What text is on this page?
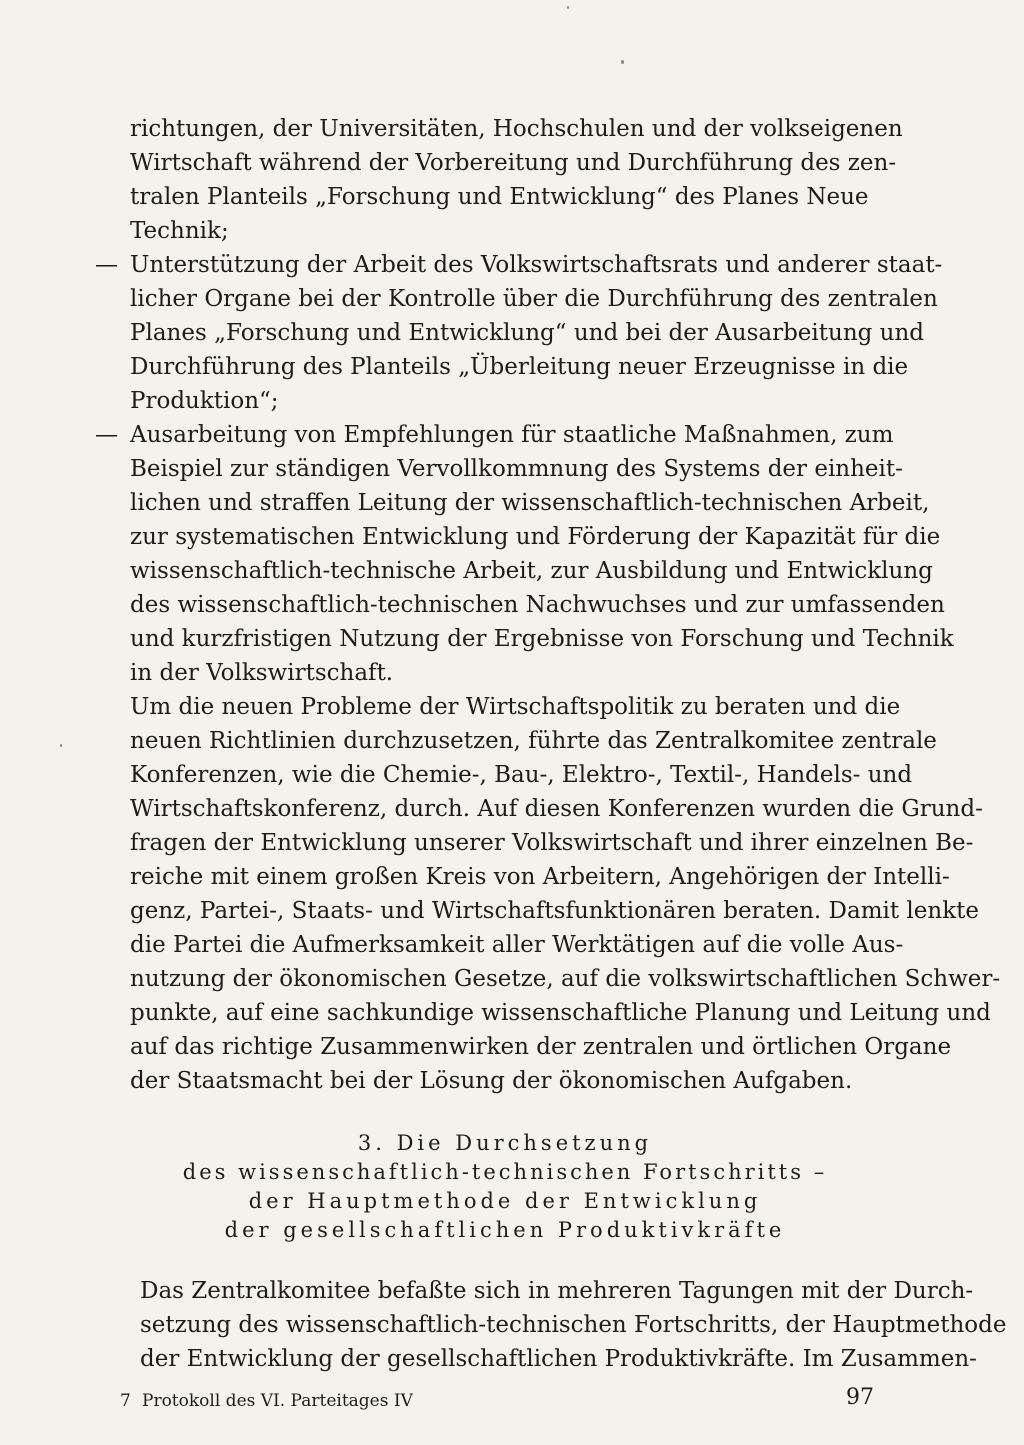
richtungen, der Universitäten, Hochschulen und der volkseigenen
Wirtschaft während der Vorbereitung und Durchführung des zen-
tralen Planteils „Forschung und Entwicklung“ des Planes Neue
Technik;
— Unterstützung der Arbeit des Volkswirtschaftsrats und anderer staat-
licher Organe bei der Kontrolle über die Durchführung des zentralen
Planes „Forschung und Entwicklung“ und bei der Ausarbeitung und
Durchführung des Planteils „Überleitung neuer Erzeugnisse in die
Produktion“;
— Ausarbeitung von Empfehlungen für staatliche Maßnahmen, zum
Beispiel zur ständigen Vervollkommnung des Systems der einheit-
lichen und straffen Leitung der wissenschaftlich-technischen Arbeit,
zur systematischen Entwicklung und Förderung der Kapazität für die
wissenschaftlich-technische Arbeit, zur Ausbildung und Entwicklung
des wissenschaftlich-technischen Nachwuchses und zur umfassenden
und kurzfristigen Nutzung der Ergebnisse von Forschung und Technik
in der Volkswirtschaft.
Um die neuen Probleme der Wirtschaftspolitik zu beraten und die
neuen Richtlinien durchzusetzen, führte das Zentralkomitee zentrale
Konferenzen, wie die Chemie-, Bau-, Elektro-, Textil-, Handels- und
Wirtschaftskonferenz, durch. Auf diesen Konferenzen wurden die Grund-
fragen der Entwicklung unserer Volkswirtschaft und ihrer einzelnen Be-
reiche mit einem großen Kreis von Arbeitern, Angehörigen der Intelli-
genz, Partei-, Staats- und Wirtschaftsfunktionären beraten. Damit lenkte
die Partei die Aufmerksamkeit aller Werktätigen auf die volle Aus-
nutzung der ökonomischen Gesetze, auf die volkswirtschaftlichen Schwer-
punkte, auf eine sachkundige wissenschaftliche Planung und Leitung und
auf das richtige Zusammenwirken der zentralen und örtlichen Organe
der Staatsmacht bei der Lösung der ökonomischen Aufgaben.
3. Die Durchsetzung
des wissenschaftlich-technischen Fortschritts –
der Hauptmethode der Entwicklung
der gesellschaftlichen Produktivkräfte
Das Zentralkomitee befaßte sich in mehreren Tagungen mit der Durch-
setzung des wissenschaftlich-technischen Fortschritts, der Hauptmethode
der Entwicklung der gesellschaftlichen Produktivkräfte. Im Zusammen-
7 Protokoll des VI. Parteitages IV	97
